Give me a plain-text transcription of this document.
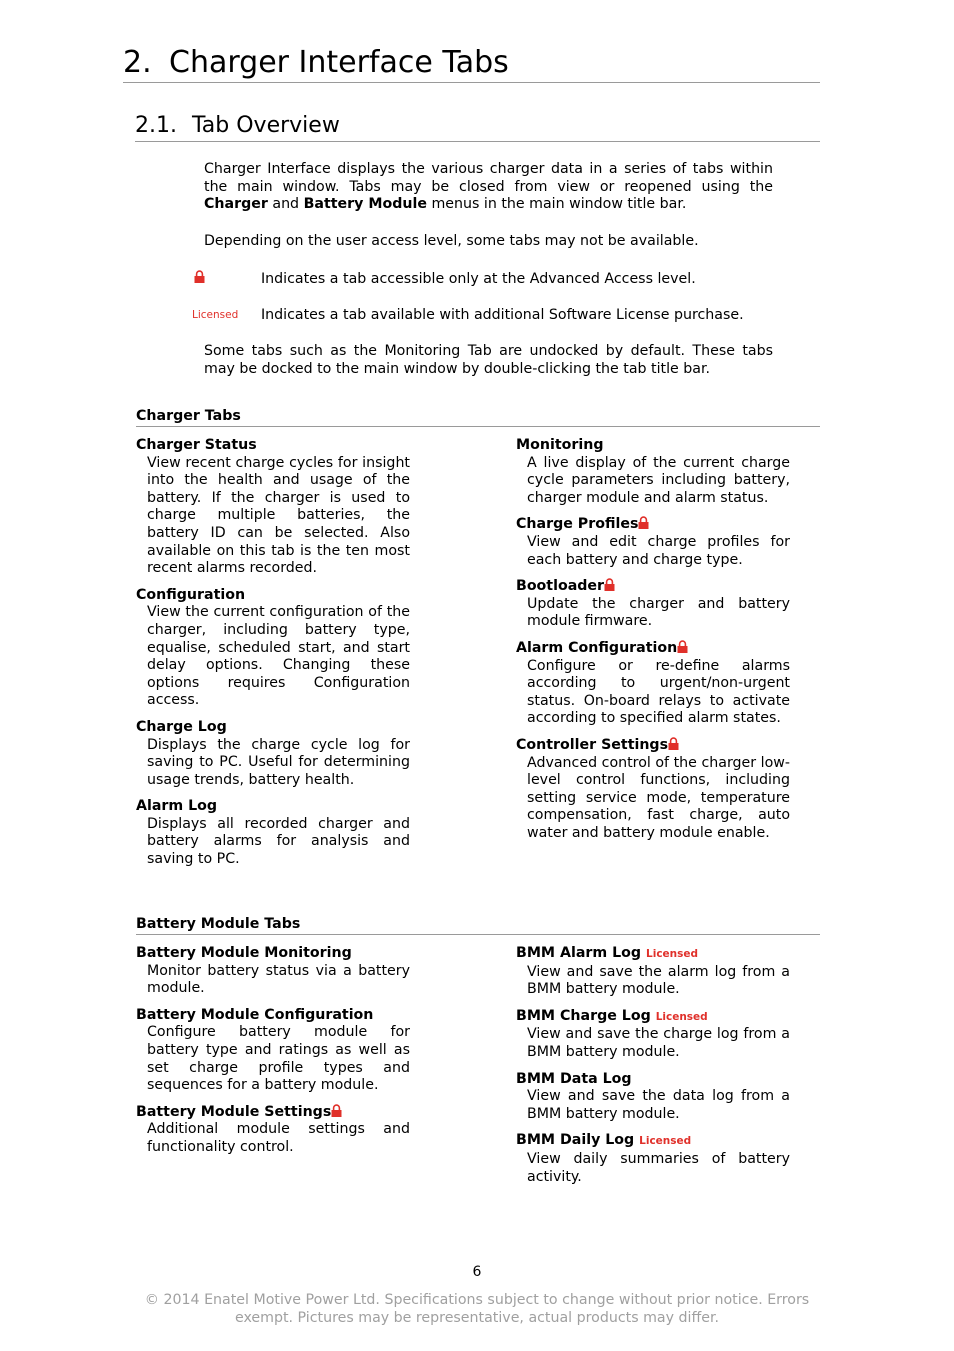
2. Charger Interface Tabs
2.1. Tab Overview
Charger Interface displays the various charger data in a series of tabs within the main window. Tabs may be closed from view or reopened using the Charger and Battery Module menus in the main window title bar.
Depending on the user access level, some tabs may not be available.
Indicates a tab accessible only at the Advanced Access level.
Licensed Indicates a tab available with additional Software License purchase.
Some tabs such as the Monitoring Tab are undocked by default. These tabs may be docked to the main window by double-clicking the tab title bar.
Charger Tabs
Charger Status
View recent charge cycles for insight into the health and usage of the battery. If the charger is used to charge multiple batteries, the battery ID can be selected. Also available on this tab is the ten most recent alarms recorded.
Configuration
View the current configuration of the charger, including battery type, equalise, scheduled start, and start delay options. Changing these options requires Configuration access.
Charge Log
Displays the charge cycle log for saving to PC. Useful for determining usage trends, battery health.
Alarm Log
Displays all recorded charger and battery alarms for analysis and saving to PC.
Monitoring
A live display of the current charge cycle parameters including battery, charger module and alarm status.
Charge Profiles
View and edit charge profiles for each battery and charge type.
Bootloader
Update the charger and battery module firmware.
Alarm Configuration
Configure or re-define alarms according to urgent/non-urgent status. On-board relays to activate according to specified alarm states.
Controller Settings
Advanced control of the charger low-level control functions, including setting service mode, temperature compensation, fast charge, auto water and battery module enable.
Battery Module Tabs
Battery Module Monitoring
Monitor battery status via a battery module.
Battery Module Configuration
Configure battery module for battery type and ratings as well as set charge profile types and sequences for a battery module.
Battery Module Settings
Additional module settings and functionality control.
BMM Alarm Log Licensed
View and save the alarm log from a BMM battery module.
BMM Charge Log Licensed
View and save the charge log from a BMM battery module.
BMM Data Log
View and save the data log from a BMM battery module.
BMM Daily Log Licensed
View daily summaries of battery activity.
6
© 2014 Enatel Motive Power Ltd. Specifications subject to change without prior notice. Errors
exempt. Pictures may be representative, actual products may differ.
